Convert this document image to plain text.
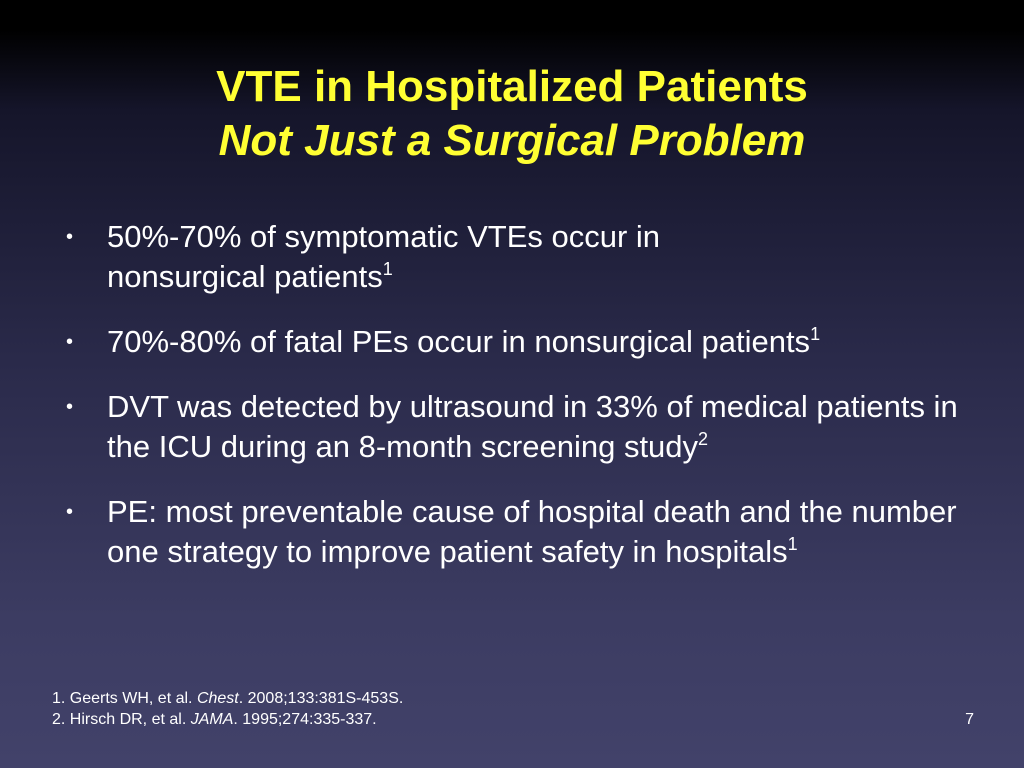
VTE in Hospitalized Patients
Not Just a Surgical Problem
• 50%-70% of symptomatic VTEs occur in nonsurgical patients$^1$
• 70%-80% of fatal PEs occur in nonsurgical patients$^1$
• DVT was detected by ultrasound in 33% of medical patients in the ICU during an 8-month screening study$^2$
• PE: most preventable cause of hospital death and the number one strategy to improve patient safety in hospitals$^1$
1. Geerts WH, et al. Chest. 2008;133:381S-453S.
2. Hirsch DR, et al. JAMA. 1995;274:335-337.	7
